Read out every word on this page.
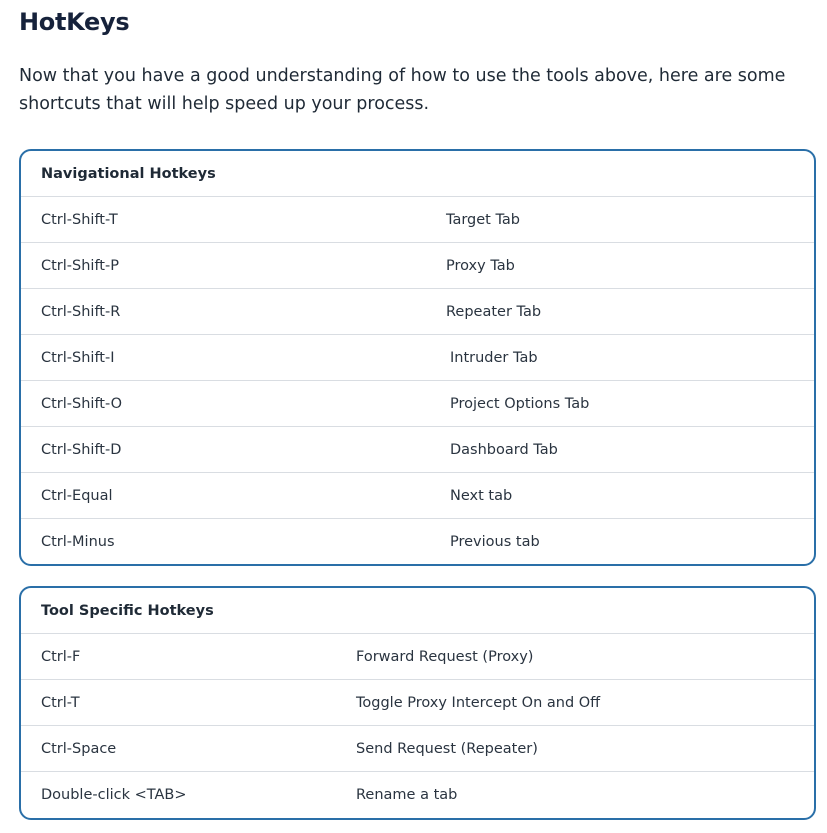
HotKeys

Now that you have a good understanding of how to use the tools above, here are some shortcuts that will help speed up your process.

Navigational Hotkeys
Ctrl-Shift-T	Target Tab
Ctrl-Shift-P	Proxy Tab
Ctrl-Shift-R	Repeater Tab
Ctrl-Shift-I	Intruder Tab
Ctrl-Shift-O	Project Options Tab
Ctrl-Shift-D	Dashboard Tab
Ctrl-Equal	Next tab
Ctrl-Minus	Previous tab
Tool Specific Hotkeys
Ctrl-F	Forward Request (Proxy)
Ctrl-T	Toggle Proxy Intercept On and Off
Ctrl-Space	Send Request (Repeater)
Double-click <TAB>	Rename a tab
